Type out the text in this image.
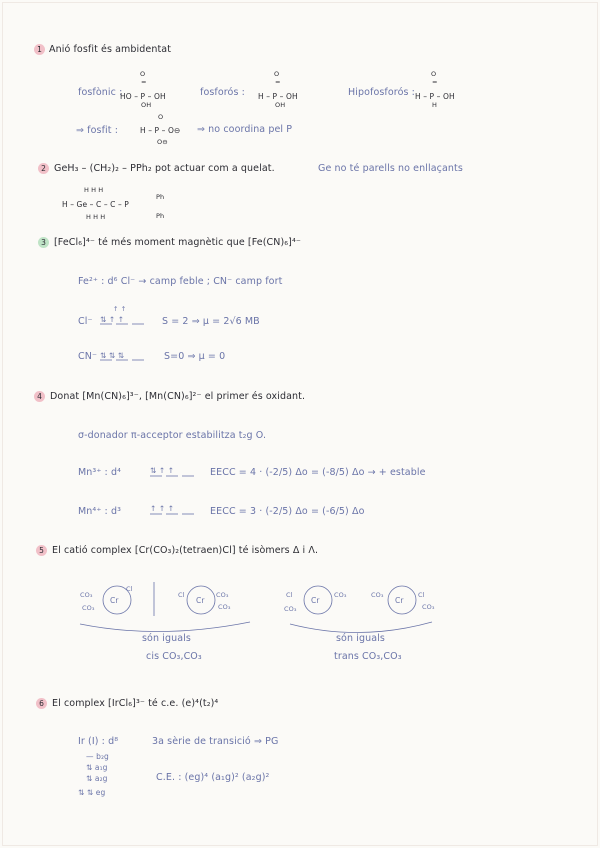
1 Anió fosfit és ambidentat
fosfònic :
O
=
HO – P – OH
OH
fosforós :
O
=
H – P – OH
OH
Hipofosforós :
O
=
H – P – OH
H
⇒ fosfit :
O
H – P – O⊖
O⊖
⇒ no coordina pel P
2 GeH₃ – (CH₂)₂ – PPh₂ pot actuar com a quelat.	Ge no té parells no enllaçants
H H H
H – Ge – C – C – P
H H H
Ph
Ph
3 [FeCl₆]⁴⁻ té més moment magnètic que [Fe(CN)₆]⁴⁻
Fe²⁺ : d⁶ Cl⁻ → camp feble ; CN⁻ camp fort
Cl⁻
↑ ↑
⇅ ↑ ↑	S = 2 ⇒ μ = 2√6 MB
CN⁻ ⇅ ⇅ ⇅	S=0 ⇒ μ = 0
4 Donat [Mn(CN)₆]³⁻, [Mn(CN)₆]²⁻ el primer és oxidant.
σ-donador π-acceptor estabilitza t₂g O.
Mn³⁺ : d⁴	⇅ ↑ ↑	EECC = 4 · (-2/5) Δo = (-8/5) Δo → + estable
Mn⁴⁺ : d³	↑ ↑ ↑	EECC = 3 · (-2/5) Δo = (-6/5) Δo
5 El catió complex [Cr(CO₃)₂(tetraen)Cl] té isòmers Δ i Λ.
CO₃
CO₃
Cr
Cl
Cl
Cr
CO₃
CO₃
Cl
CO₃
Cr
CO₃	CO₃
Cr
Cl
CO₃
són iguals
cis CO₃,CO₃
són iguals
trans CO₃,CO₃
6 El complex [IrCl₆]³⁻ té c.e. (e)⁴(t₂)⁴
Ir (I) : d⁸	3a sèrie de transició ⇒ PG
— b₂g
⇅ a₁g
⇅ a₂g
⇅ ⇅ eg
C.E. : (eg)⁴ (a₁g)² (a₂g)²
